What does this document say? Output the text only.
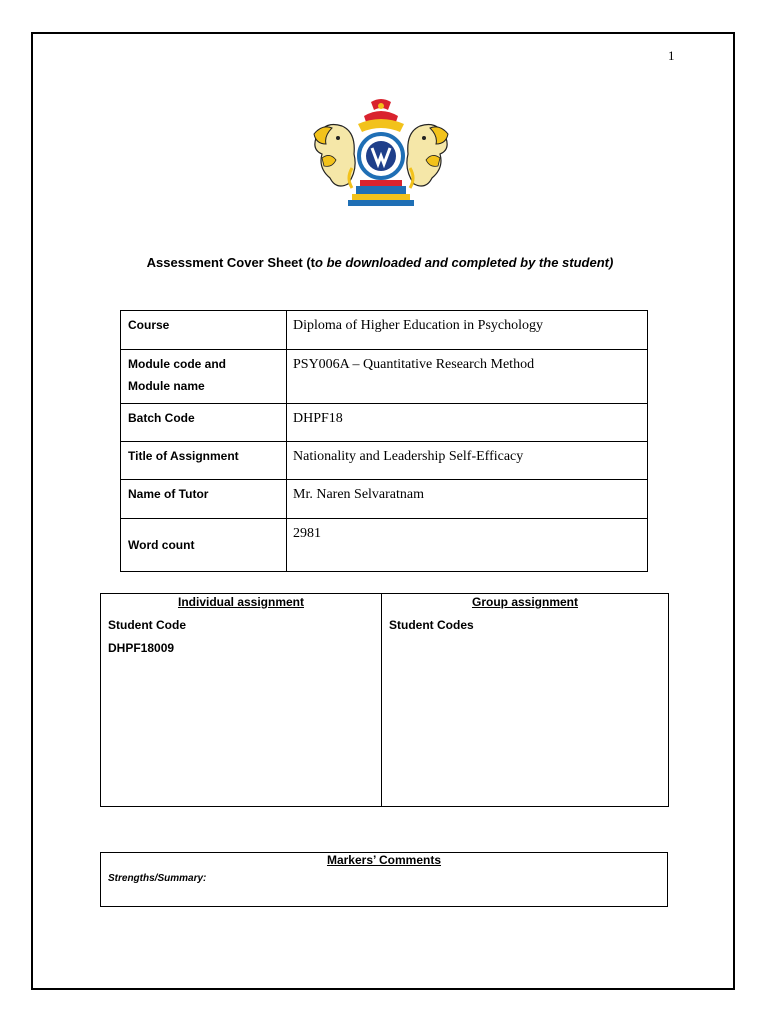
1
Assessment Cover Sheet (to be downloaded and completed by the student)
Course	Diploma of Higher Education in Psychology

Module code and
Module name	PSY006A – Quantitative Research Method
Batch Code	DHPF18
Title of Assignment	Nationality and Leadership Self-Efficacy
Name of Tutor	Mr. Naren Selvaratnam
Word count	2981
Individual assignment
Student Code
DHPF18009
Group assignment
Student Codes
Markers’ Comments
Strengths/Summary:
